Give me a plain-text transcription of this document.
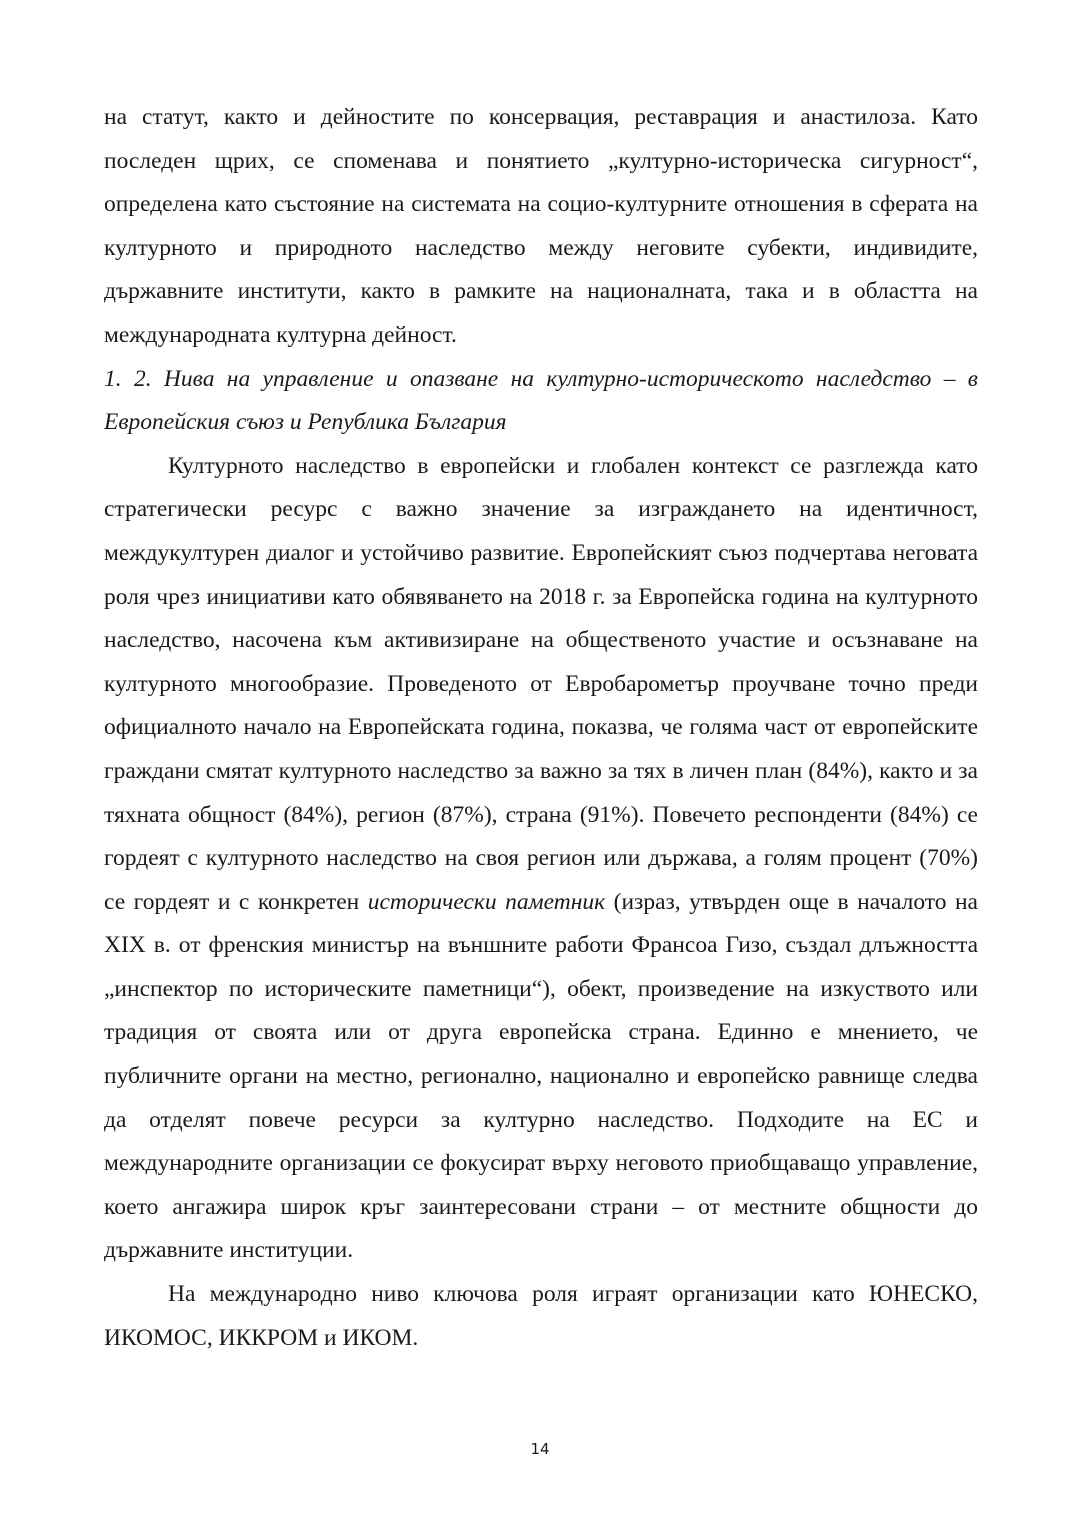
на статут, както и дейностите по консервация, реставрация и анастилоза. Като последен щрих, се споменава и понятието „културно-историческа сигурност“, определена като състояние на системата на социо-културните отношения в сферата на културното и природното наследство между неговите субекти, индивидите, държавните институти, както в рамките на националната, така и в областта на международната културна дейност.

1. 2. Нива на управление и опазване на културно-историческото наследство – в Европейския съюз и Република България

Културното наследство в европейски и глобален контекст се разглежда като стратегически ресурс с важно значение за изграждането на идентичност, междукултурен диалог и устойчиво развитие. Европейският съюз подчертава неговата роля чрез инициативи като обявяването на 2018 г. за Европейска година на културното наследство, насочена към активизиране на общественото участие и осъзнаване на културното многообразие. Проведеното от Евробарометър проучване точно преди официалното начало на Европейската година, показва, че голяма част от европейските граждани смятат културното наследство за важно за тях в личен план (84%), както и за тяхната общност (84%), регион (87%), страна (91%). Повечето респонденти (84%) се гордеят с културното наследство на своя регион или държава, а голям процент (70%) се гордеят и с конкретен исторически паметник (израз, утвърден още в началото на XIX в. от френския министър на външните работи Франсоа Гизо, създал длъжността „инспектор по историческите паметници“), обект, произведение на изкуството или традиция от своята или от друга европейска страна. Единно е мнението, че публичните органи на местно, регионално, национално и европейско равнище следва да отделят повече ресурси за културно наследство. Подходите на ЕС и международните организации се фокусират върху неговото приобщаващо управление, което ангажира широк кръг заинтересовани страни – от местните общности до държавните институции.

На международно ниво ключова роля играят организации като ЮНЕСКО, ИКОМОС, ИККРОМ и ИКОМ.

14
